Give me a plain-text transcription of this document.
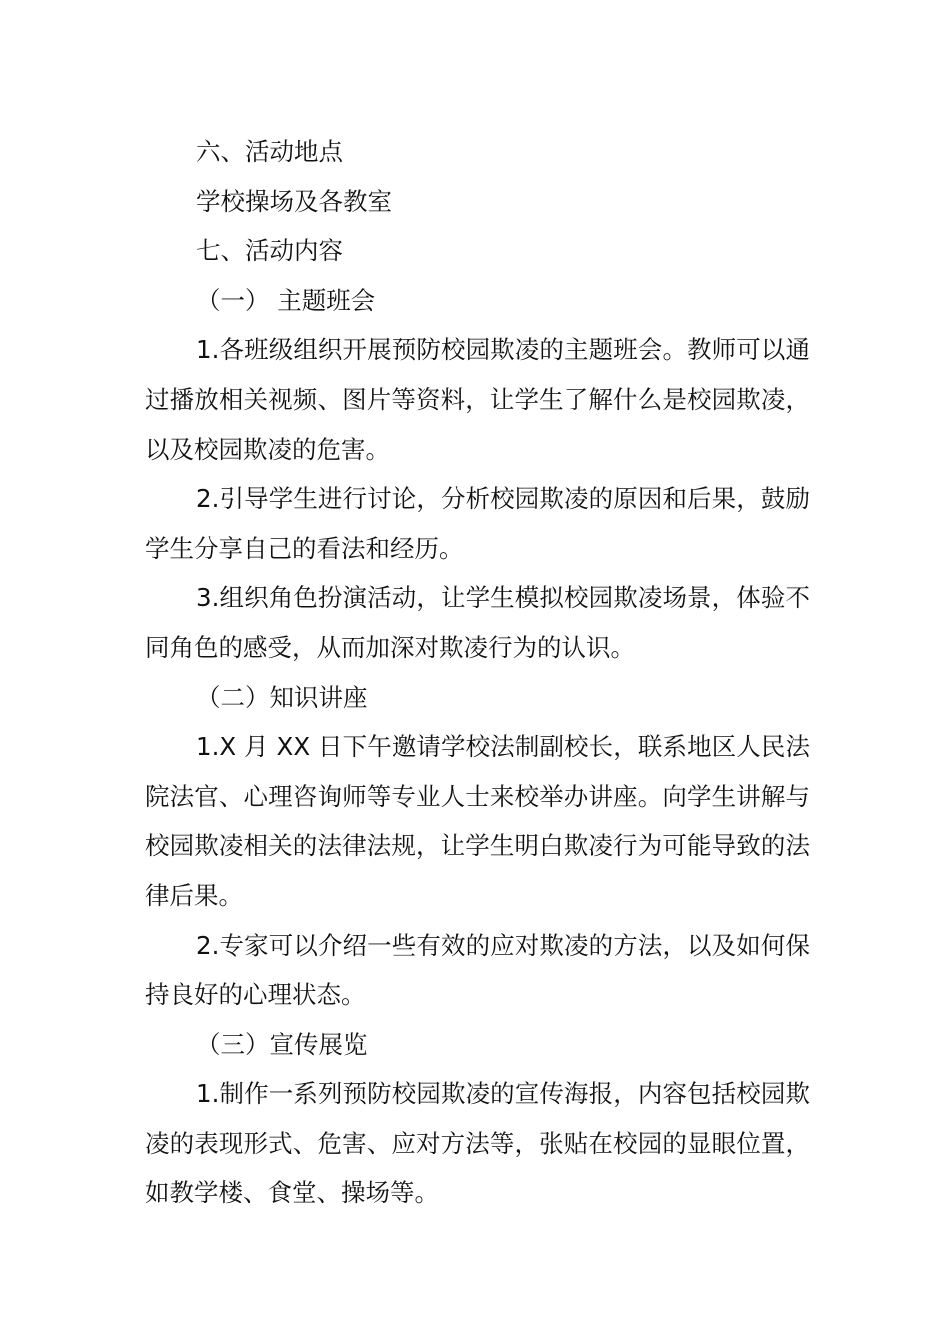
六、活动地点

学校操场及各教室

七、活动内容

（一） 主题班会

1.各班级组织开展预防校园欺凌的主题班会。教师可以通过播放相关视频、图片等资料，让学生了解什么是校园欺凌，以及校园欺凌的危害。

2.引导学生进行讨论，分析校园欺凌的原因和后果，鼓励学生分享自己的看法和经历。

3.组织角色扮演活动，让学生模拟校园欺凌场景，体验不同角色的感受，从而加深对欺凌行为的认识。

（二）知识讲座

1.X 月 XX 日下午邀请学校法制副校长，联系地区人民法院法官、心理咨询师等专业人士来校举办讲座。向学生讲解与校园欺凌相关的法律法规，让学生明白欺凌行为可能导致的法律后果。

2.专家可以介绍一些有效的应对欺凌的方法，以及如何保持良好的心理状态。

（三）宣传展览

1.制作一系列预防校园欺凌的宣传海报，内容包括校园欺凌的表现形式、危害、应对方法等，张贴在校园的显眼位置，如教学楼、食堂、操场等。
